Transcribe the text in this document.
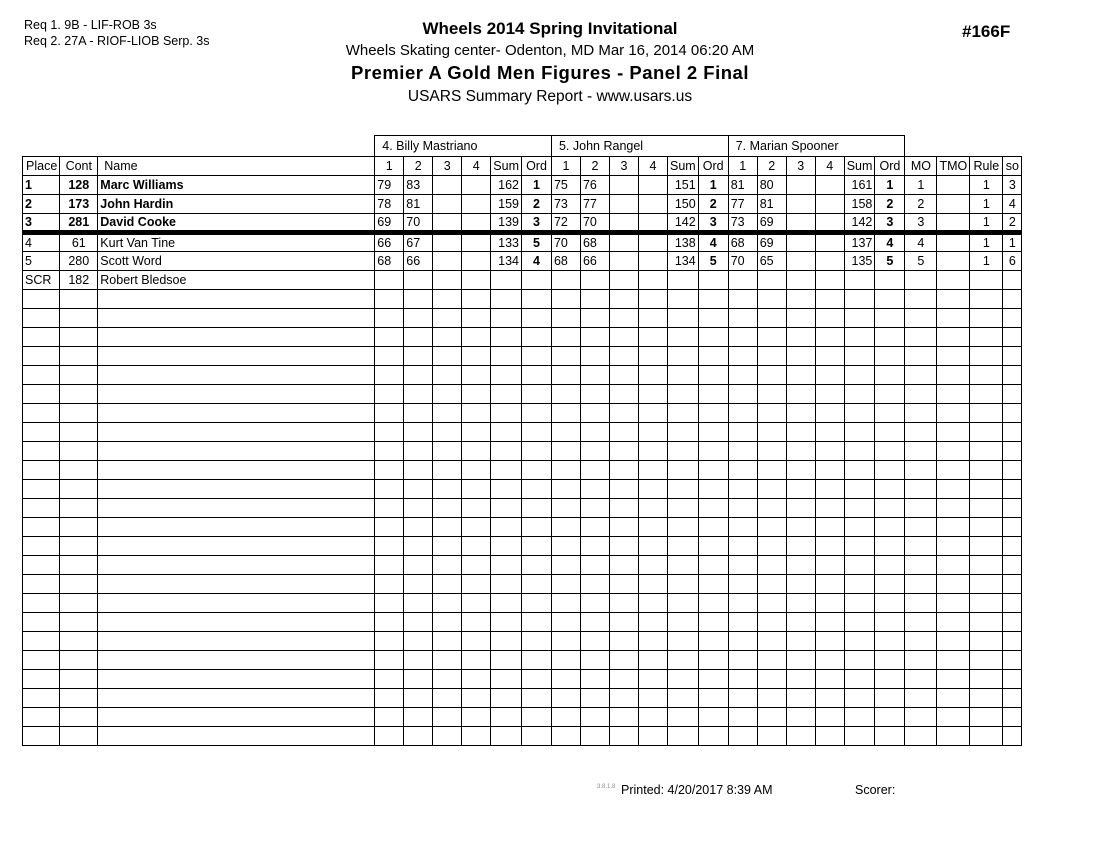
Req 1. 9B - LIF-ROB 3s
Req 2. 27A - RIOF-LIOB Serp. 3s
Wheels 2014 Spring Invitational
Wheels Skating center- Odenton, MD Mar 16, 2014 06:20 AM
Premier A Gold Men Figures - Panel 2 Final
USARS Summary Report - www.usars.us
#166F
			4. Billy Mastriano						5. John Rangel						7. Marian Spooner									
Place	Cont	Name	1	2	3	4	Sum	Ord	1	2	3	4	Sum	Ord	1	2	3	4	Sum	Ord	MO	TMO	Rule	so
1	128	Marc Williams	79	83			162	1	75	76			151	1	81	80			161	1	1		1	3
2	173	John Hardin	78	81			159	2	73	77			150	2	77	81			158	2	2		1	4
3	281	David Cooke	69	70			139	3	72	70			142	3	73	69			142	3	3		1	2
4	61	Kurt Van Tine	66	67			133	5	70	68			138	4	68	69			137	4	4		1	1
5	280	Scott Word	68	66			134	4	68	66			134	5	70	65			135	5	5		1	6
SCR	182	Robert Bledsoe																						

3.8.1.8 Printed: 4/20/2017 8:39 AM	Scorer:
